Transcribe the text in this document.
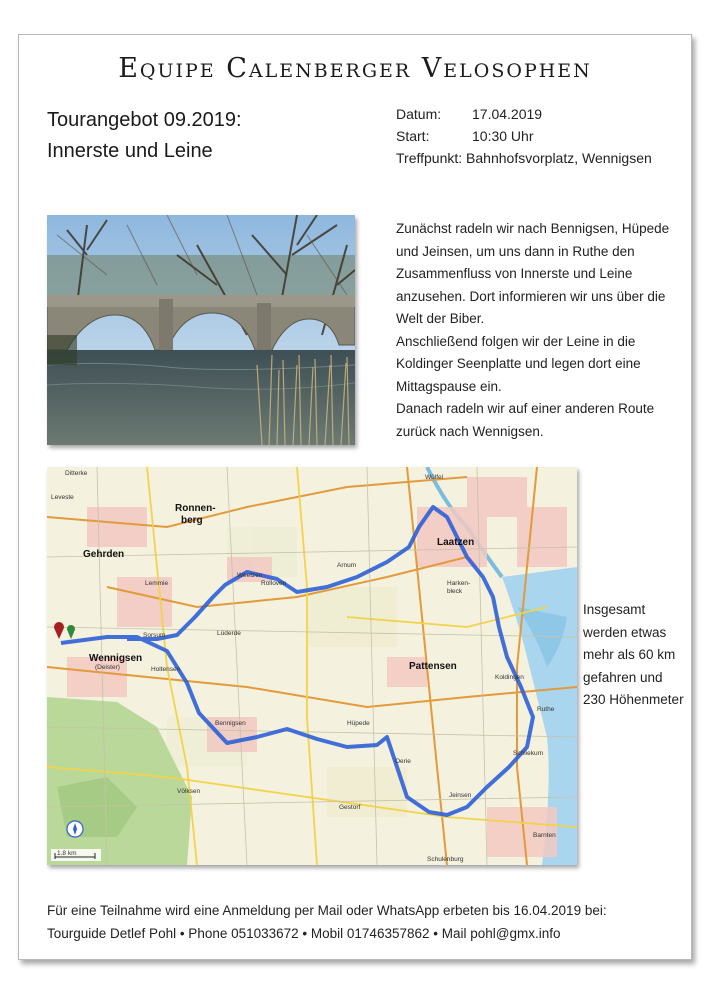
Equipe Calenberger Velosophen
Tourangebot 09.2019:
Innerste und Leine
Datum: 17.04.2019
Start:	10:30 Uhr
Treffpunkt: Bahnhofsvorplatz, Wennigsen
Zunächst radeln wir nach Bennigsen, Hüpede
und Jeinsen, um uns dann in Ruthe den
Zusammenfluss von Innerste und Leine
anzusehen. Dort informieren wir uns über die
Welt der Biber.
Anschließend folgen wir der Leine in die
Koldinger Seenplatte und legen dort eine
Mittagspause ein.
Danach radeln wir auf einer anderen Route
zurück nach Wennigsen.
1.8 km
Ronnen-
berg
Gehrden
Laatzen
Pattensen
Wennigsen
(Deister)
Weetzen
Bennigsen	Hüpede
Jeinsen
Ruthe
Gestorf
Arnum
Völksen
Lemmie	Harken-
bleck
Schliekum
Leveste
Wülfel
Ditterke
Lüderde
Holtensen
Rolloven
Sorsum
Oerie
Schulenburg
Barnten
Koldingen
Insgesamt
werden etwas
mehr als 60 km
gefahren und
230 Höhenmeter
Für eine Teilnahme wird eine Anmeldung per Mail oder WhatsApp erbeten bis 16.04.2019 bei:
Tourguide Detlef Pohl • Phone 051033672 • Mobil 01746357862 • Mail pohl@gmx.info
